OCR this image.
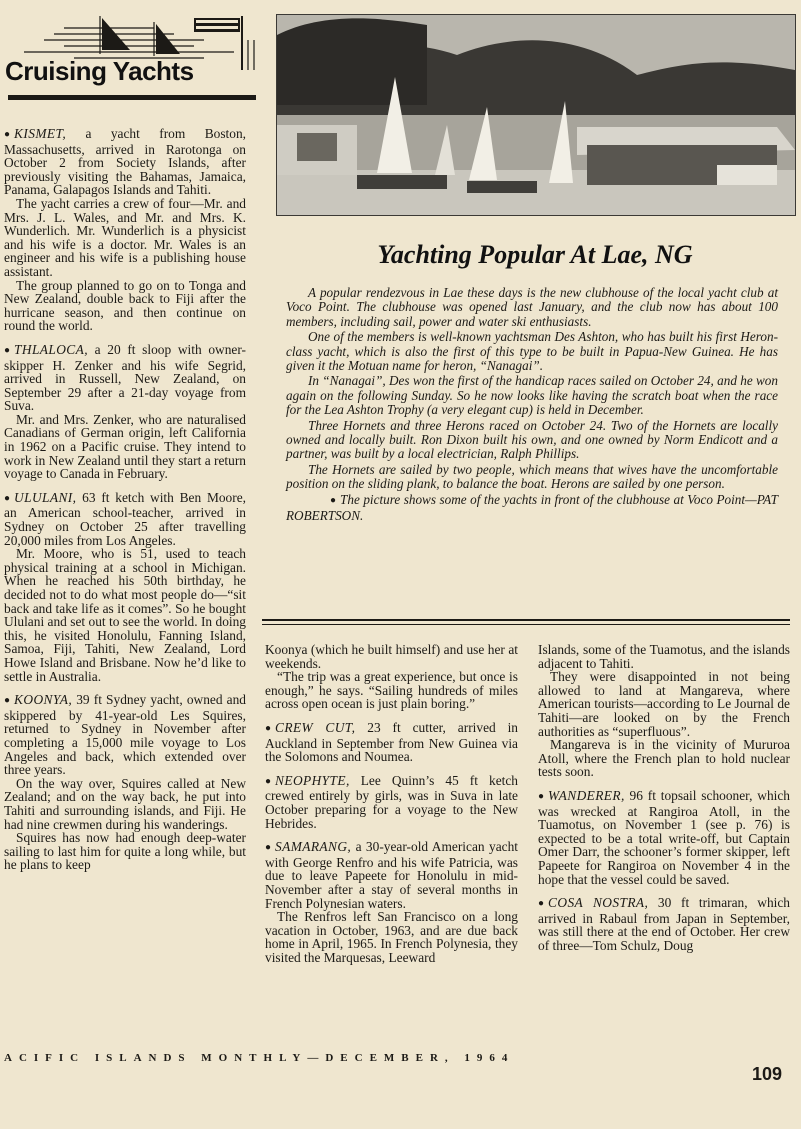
Cruising Yachts

● KISMET, a yacht from Boston, Massachusetts, arrived in Rarotonga on October 2 from Society Islands, after previously visiting the Bahamas, Jamaica, Panama, Galapagos Islands and Tahiti.

The yacht carries a crew of four—Mr. and Mrs. J. L. Wales, and Mr. and Mrs. K. Wunderlich. Mr. Wunderlich is a physicist and his wife is a doctor. Mr. Wales is an engineer and his wife is a publishing house assistant.

The group planned to go on to Tonga and New Zealand, double back to Fiji after the hurricane season, and then continue on round the world.

● THLALOCA, a 20 ft sloop with owner-skipper H. Zenker and his wife Segrid, arrived in Russell, New Zealand, on September 29 after a 21-day voyage from Suva.

Mr. and Mrs. Zenker, who are naturalised Canadians of German origin, left California in 1962 on a Pacific cruise. They intend to work in New Zealand until they start a return voyage to Canada in February.

● ULULANI, 63 ft ketch with Ben Moore, an American school-teacher, arrived in Sydney on October 25 after travelling 20,000 miles from Los Angeles.

Mr. Moore, who is 51, used to teach physical training at a school in Michigan. When he reached his 50th birthday, he decided not to do what most people do—“sit back and take life as it comes”. So he bought Ululani and set out to see the world. In doing this, he visited Honolulu, Fanning Island, Samoa, Fiji, Tahiti, New Zealand, Lord Howe Island and Brisbane. Now he’d like to settle in Australia.

● KOONYA, 39 ft Sydney yacht, owned and skippered by 41-year-old Les Squires, returned to Sydney in November after completing a 15,000 mile voyage to Los Angeles and back, which extended over three years.

On the way over, Squires called at New Zealand; and on the way back, he put into Tahiti and surrounding islands, and Fiji. He had nine crewmen during his wanderings.

Squires has now had enough deep-water sailing to last him for quite a long while, but he plans to keep

Yachting Popular At Lae, NG

A popular rendezvous in Lae these days is the new clubhouse of the local yacht club at Voco Point. The clubhouse was opened last January, and the club now has about 100 members, including sail, power and water ski enthusiasts.

One of the members is well-known yachtsman Des Ashton, who has built his first Heron-class yacht, which is also the first of this type to be built in Papua-New Guinea. He has given it the Motuan name for heron, “Nanagai”.

In “Nanagai”, Des won the first of the handicap races sailed on October 24, and he won again on the following Sunday. So he now looks like having the scratch boat when the race for the Lea Ashton Trophy (a very elegant cup) is held in December.

Three Hornets and three Herons raced on October 24. Two of the Hornets are locally owned and locally built. Ron Dixon built his own, and one owned by Norm Endicott and a partner, was built by a local electrician, Ralph Phillips.

The Hornets are sailed by two people, which means that wives have the uncomfortable position on the sliding plank, to balance the boat. Herons are sailed by one person.

● The picture shows some of the yachts in front of the clubhouse at Voco Point—PAT ROBERTSON.

Koonya (which he built himself) and use her at weekends.

“The trip was a great experience, but once is enough,” he says. “Sailing hundreds of miles across open ocean is just plain boring.”

● CREW CUT, 23 ft cutter, arrived in Auckland in September from New Guinea via the Solomons and Noumea.

● NEOPHYTE, Lee Quinn’s 45 ft ketch crewed entirely by girls, was in Suva in late October preparing for a voyage to the New Hebrides.

● SAMARANG, a 30-year-old American yacht with George Renfro and his wife Patricia, was due to leave Papeete for Honolulu in mid-November after a stay of several months in French Polynesian waters.

The Renfros left San Francisco on a long vacation in October, 1963, and are due back home in April, 1965. In French Polynesia, they visited the Marquesas, Leeward

Islands, some of the Tuamotus, and the islands adjacent to Tahiti.

They were disappointed in not being allowed to land at Mangareva, where American tourists—according to Le Journal de Tahiti—are looked on by the French authorities as “superfluous”.

Mangareva is in the vicinity of Mururoa Atoll, where the French plan to hold nuclear tests soon.

● WANDERER, 96 ft topsail schooner, which was wrecked at Rangiroa Atoll, in the Tuamotus, on November 1 (see p. 76) is expected to be a total write-off, but Captain Omer Darr, the schooner’s former skipper, left Papeete for Rangiroa on November 4 in the hope that the vessel could be saved.

● COSA NOSTRA, 30 ft trimaran, which arrived in Rabaul from Japan in September, was still there at the end of October. Her crew of three—Tom Schulz, Doug

ACIFIC ISLANDS MONTHLY—DECEMBER, 1964
109
